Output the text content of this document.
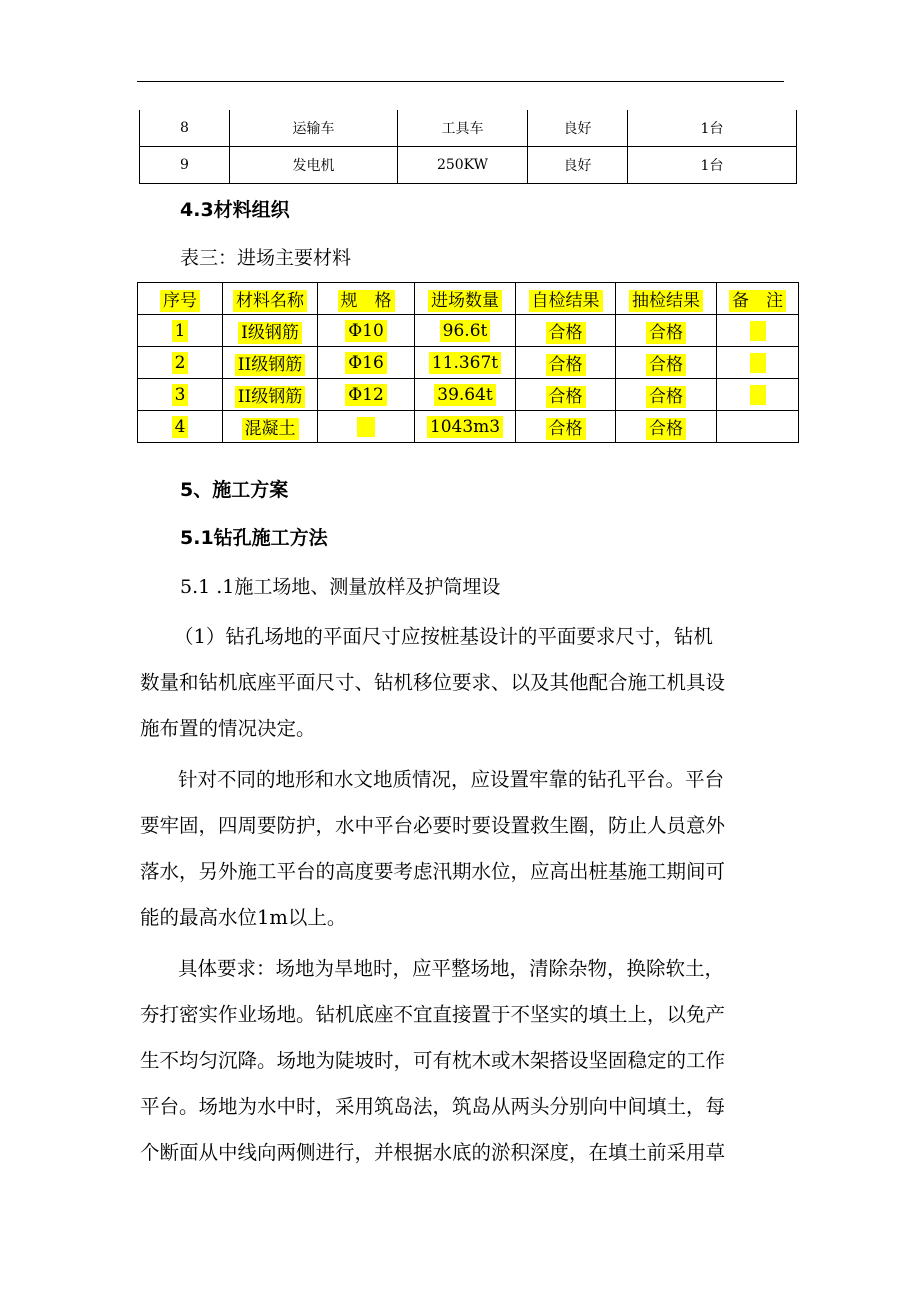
8	运输车	工具车	良好	1台
9	发电机	250KW	良好	1台
4.3材料组织
表三：进场主要材料
序号	材料名称	规　格	进场数量	自检结果	抽检结果	备　注
1	I级钢筋	Φ10	96.6t	合格	合格	
2	II级钢筋	Φ16	11.367t	合格	合格	
3	II级钢筋	Φ12	39.64t	合格	合格	
4	混凝土		1043m3	合格	合格	
5、施工方案
5.1钻孔施工方法
5.1 .1施工场地、测量放样及护筒埋设
（1）钻孔场地的平面尺寸应按桩基设计的平面要求尺寸，钻机
数量和钻机底座平面尺寸、钻机移位要求、以及其他配合施工机具设
施布置的情况决定。
针对不同的地形和水文地质情况，应设置牢靠的钻孔平台。平台
要牢固，四周要防护，水中平台必要时要设置救生圈，防止人员意外
落水，另外施工平台的高度要考虑汛期水位，应高出桩基施工期间可
能的最高水位1m以上。
具体要求：场地为旱地时，应平整场地，清除杂物，换除软土，
夯打密实作业场地。钻机底座不宜直接置于不坚实的填土上，以免产
生不均匀沉降。场地为陡坡时，可有枕木或木架搭设坚固稳定的工作
平台。场地为水中时，采用筑岛法，筑岛从两头分别向中间填土，每
个断面从中线向两侧进行，并根据水底的淤积深度，在填土前采用草
